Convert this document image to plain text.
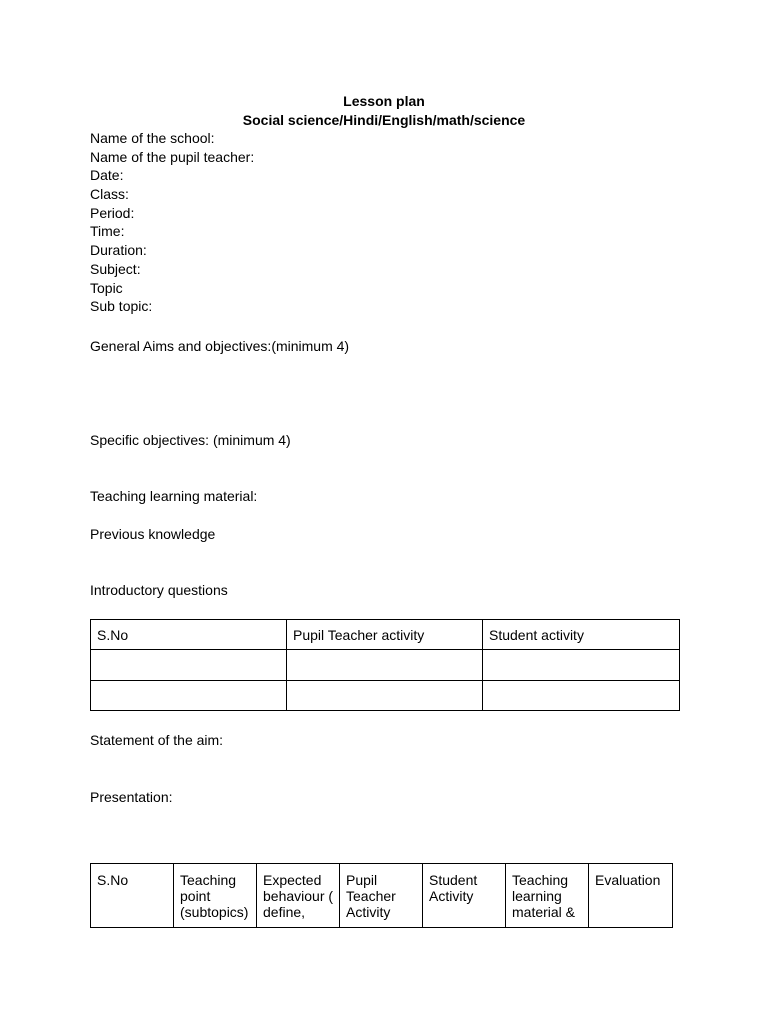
Lesson plan
Social science/Hindi/English/math/science
Name of the school:
Name of the pupil teacher:
Date:
Class:
Period:
Time:
Duration:
Subject:
Topic
Sub topic:
General Aims and objectives:(minimum 4)
Specific objectives: (minimum 4)
Teaching learning material:
Previous knowledge
Introductory questions
S.No	Pupil Teacher activity	Student activity

Statement of the aim:
Presentation:
S.No	Teaching point (subtopics)	Expected behaviour ( define,	Pupil Teacher Activity	Student Activity	Teaching learning material &	Evaluation
